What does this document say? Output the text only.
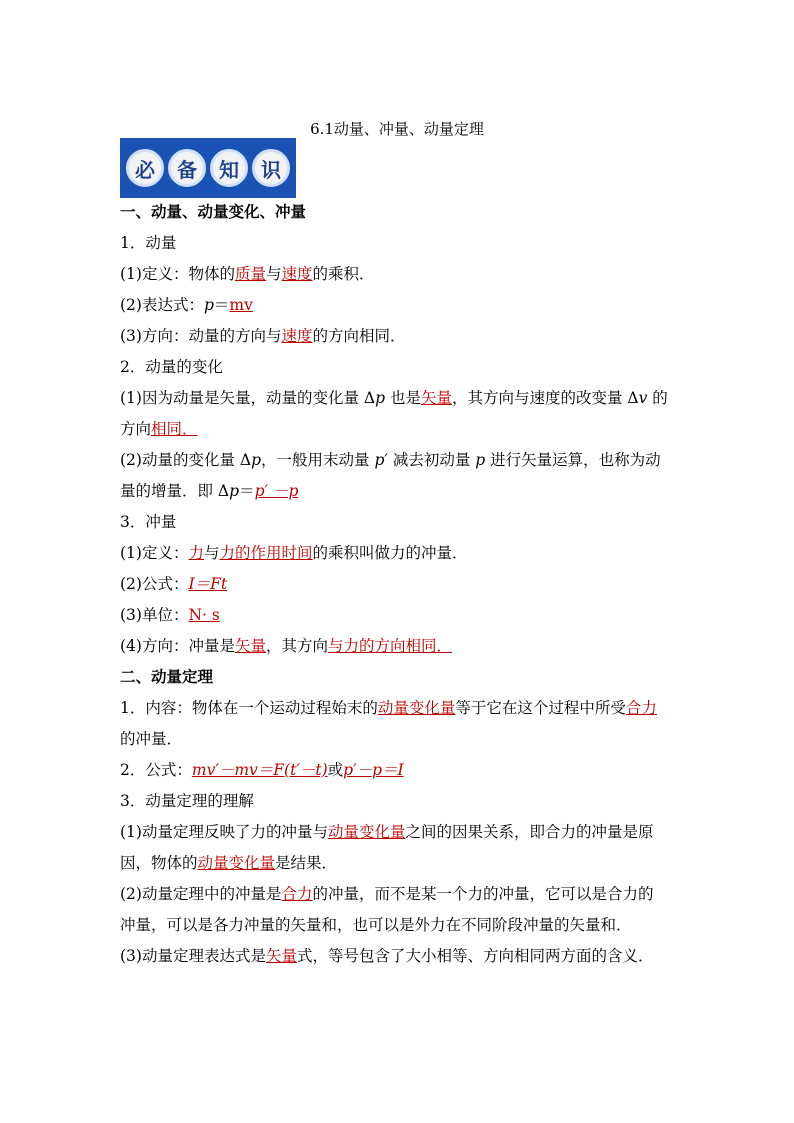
6.1动量、冲量、动量定理
必	备	知	识
一、动量、动量变化、冲量
1．动量
(1)定义：物体的质量与速度的乘积．
(2)表达式：p＝mv
(3)方向：动量的方向与速度的方向相同．
2．动量的变化
(1)因为动量是矢量，动量的变化量 Δp 也是矢量，其方向与速度的改变量 Δv 的
方向相同．
(2)动量的变化量 Δp，一般用末动量 p′ 减去初动量 p 进行矢量运算，也称为动
量的增量．即 Δp＝p′ －p
3．冲量
(1)定义：力与力的作用时间的乘积叫做力的冲量．
(2)公式：I＝Ft
(3)单位：N· s
(4)方向：冲量是矢量，其方向与力的方向相同．
二、动量定理
1．内容：物体在一个运动过程始末的动量变化量等于它在这个过程中所受合力
的冲量．
2．公式：mv′－mv＝F(t′－t)或p′－p＝I
3．动量定理的理解
(1)动量定理反映了力的冲量与动量变化量之间的因果关系，即合力的冲量是原
因，物体的动量变化量是结果．
(2)动量定理中的冲量是合力的冲量，而不是某一个力的冲量，它可以是合力的
冲量，可以是各力冲量的矢量和，也可以是外力在不同阶段冲量的矢量和．
(3)动量定理表达式是矢量式，等号包含了大小相等、方向相同两方面的含义．
